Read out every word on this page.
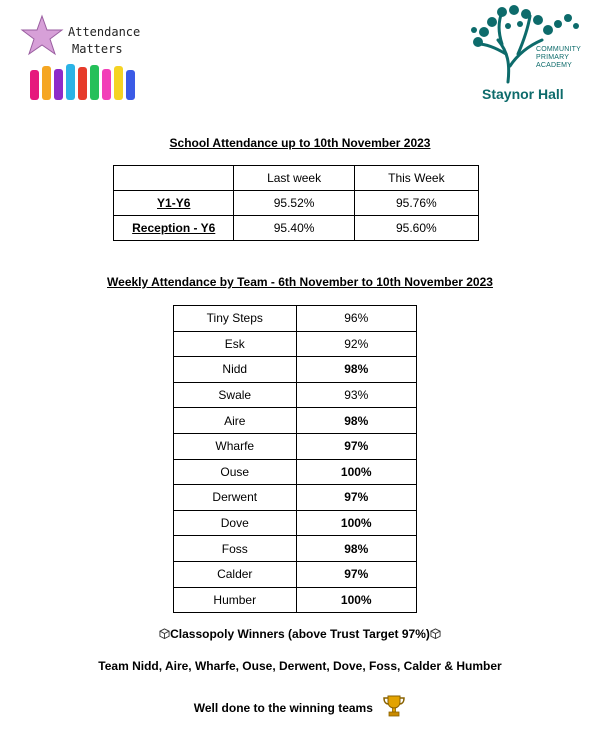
Attendance
Matters	COMMUNITY
PRIMARY
ACADEMY
Staynor Hall
School Attendance up to 10th November 2023
	Last week	This Week
Y1-Y6	95.52%	95.76%
Reception - Y6	95.40%	95.60%
Weekly Attendance by Team - 6th November to 10th November 2023
Tiny Steps	96%
Esk	92%
Nidd	98%
Swale	93%
Aire	98%
Wharfe	97%
Ouse	100%
Derwent	97%
Dove	100%
Foss	98%
Calder	97%
Humber	100%
Classopoly Winners (above Trust Target 97%)
Team Nidd, Aire, Wharfe, Ouse, Derwent, Dove, Foss, Calder & Humber
Well done to the winning teams
